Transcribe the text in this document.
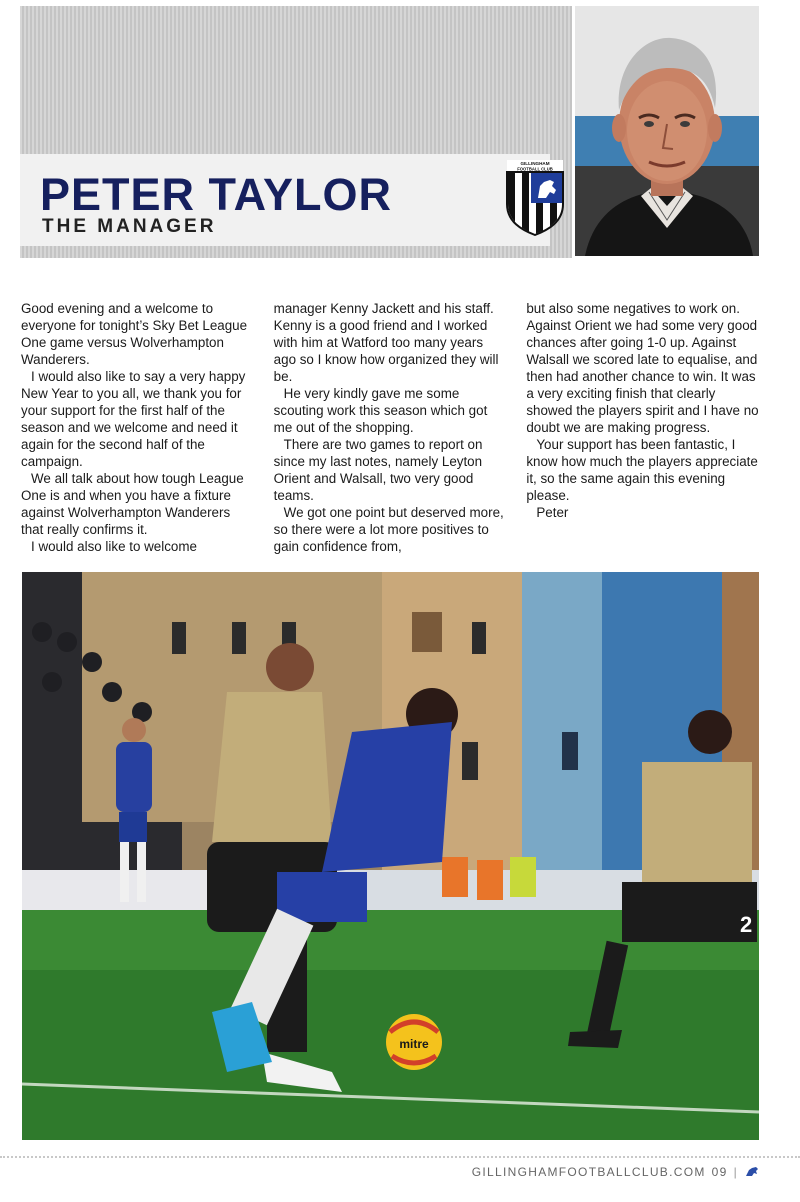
PETER TAYLOR
THE MANAGER
GILLINGHAM
FOOTBALL CLUB

Good evening and a welcome to everyone for tonight’s Sky Bet League One game versus Wolverhampton Wanderers.

I would also like to say a very happy New Year to you all, we thank you for your support for the first half of the season and we welcome and need it again for the second half of the campaign.

We all talk about how tough League One is and when you have a fixture against Wolverhampton Wanderers that really confirms it.

I would also like to welcome

manager Kenny Jackett and his staff. Kenny is a good friend and I worked with him at Watford too many years ago so I know how organized they will be.

He very kindly gave me some scouting work this season which got me out of the shopping.

There are two games to report on since my last notes, namely Leyton Orient and Walsall, two very good teams.

We got one point but deserved more, so there were a lot more positives to gain confidence from,

but also some negatives to work on. Against Orient we had some very good chances after going 1-0 up. Against Walsall we scored late to equalise, and then had another chance to win. It was a very exciting finish that clearly showed the players spirit and I have no doubt we are making progress.

Your support has been fantastic, I know how much the players appreciate it, so the same again this evening please.

Peter

2
mitre
GILLINGHAMFOOTBALLCLUB.COM 09 |
